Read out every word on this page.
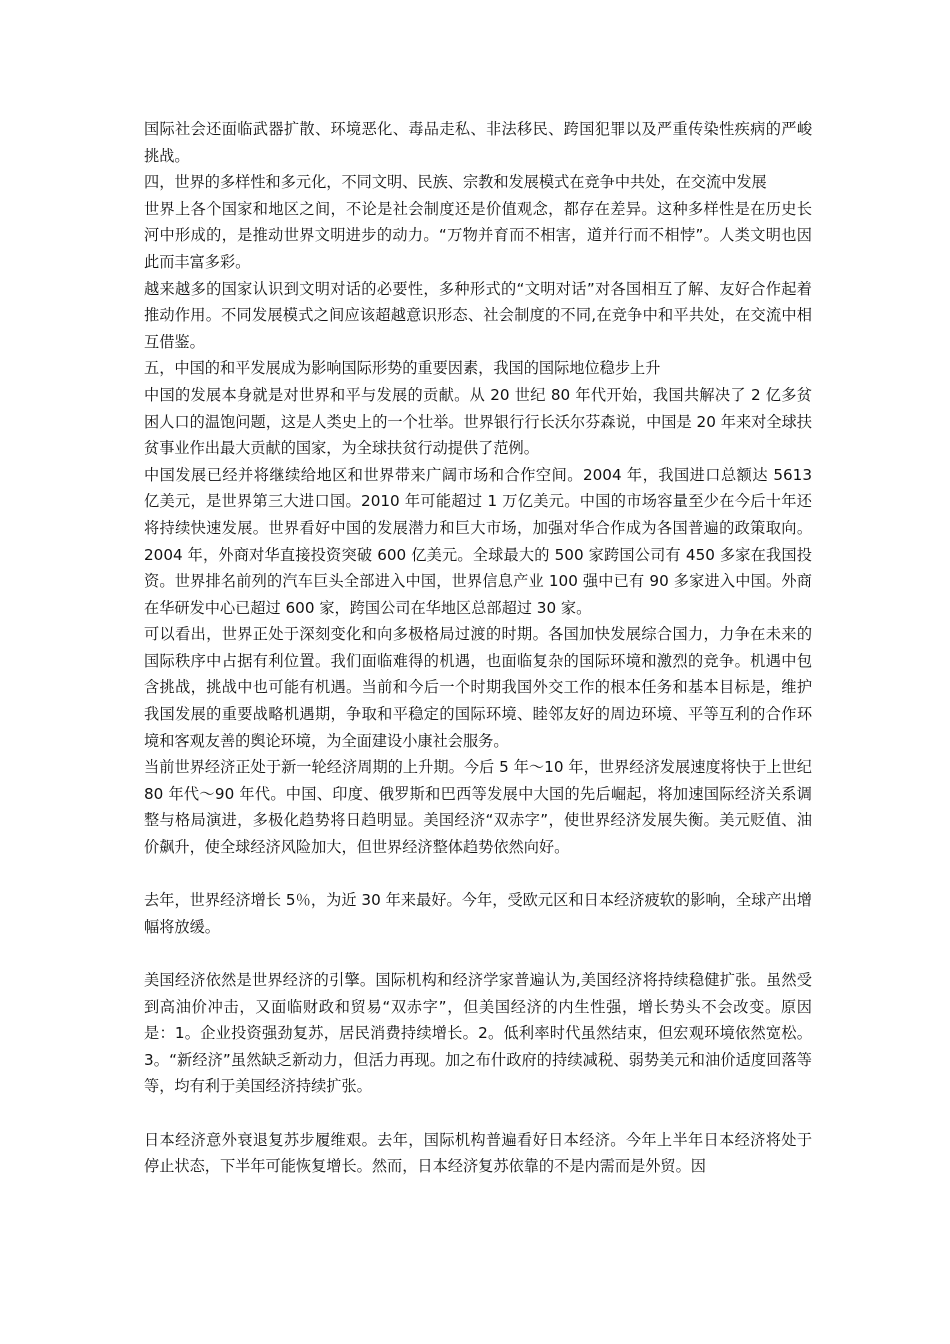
国际社会还面临武器扩散、环境恶化、毒品走私、非法移民、跨国犯罪以及严重传染性疾病的严峻挑战。

四，世界的多样性和多元化，不同文明、民族、宗教和发展模式在竞争中共处，在交流中发展

世界上各个国家和地区之间，不论是社会制度还是价值观念，都存在差异。这种多样性是在历史长河中形成的，是推动世界文明进步的动力。“万物并育而不相害，道并行而不相悖”。人类文明也因此而丰富多彩。

越来越多的国家认识到文明对话的必要性，多种形式的“文明对话”对各国相互了解、友好合作起着推动作用。不同发展模式之间应该超越意识形态、社会制度的不同,在竞争中和平共处，在交流中相互借鉴。

五，中国的和平发展成为影响国际形势的重要因素，我国的国际地位稳步上升

中国的发展本身就是对世界和平与发展的贡献。从 20 世纪 80 年代开始，我国共解决了 2 亿多贫困人口的温饱问题，这是人类史上的一个壮举。世界银行行长沃尔芬森说，中国是 20 年来对全球扶贫事业作出最大贡献的国家，为全球扶贫行动提供了范例。

中国发展已经并将继续给地区和世界带来广阔市场和合作空间。2004 年，我国进口总额达 5613 亿美元，是世界第三大进口国。2010 年可能超过 1 万亿美元。中国的市场容量至少在今后十年还将持续快速发展。世界看好中国的发展潜力和巨大市场，加强对华合作成为各国普遍的政策取向。2004 年，外商对华直接投资突破 600 亿美元。全球最大的 500 家跨国公司有 450 多家在我国投资。世界排名前列的汽车巨头全部进入中国，世界信息产业 100 强中已有 90 多家进入中国。外商在华研发中心已超过 600 家，跨国公司在华地区总部超过 30 家。

可以看出，世界正处于深刻变化和向多极格局过渡的时期。各国加快发展综合国力，力争在未来的国际秩序中占据有利位置。我们面临难得的机遇，也面临复杂的国际环境和激烈的竞争。机遇中包含挑战，挑战中也可能有机遇。当前和今后一个时期我国外交工作的根本任务和基本目标是，维护我国发展的重要战略机遇期，争取和平稳定的国际环境、睦邻友好的周边环境、平等互利的合作环境和客观友善的舆论环境，为全面建设小康社会服务。

当前世界经济正处于新一轮经济周期的上升期。今后 5 年～10 年，世界经济发展速度将快于上世纪 80 年代～90 年代。中国、印度、俄罗斯和巴西等发展中大国的先后崛起，将加速国际经济关系调整与格局演进，多极化趋势将日趋明显。美国经济“双赤字”，使世界经济发展失衡。美元贬值、油价飙升，使全球经济风险加大，但世界经济整体趋势依然向好。

去年，世界经济增长 5％，为近 30 年来最好。今年，受欧元区和日本经济疲软的影响，全球产出增幅将放缓。

美国经济依然是世界经济的引擎。国际机构和经济学家普遍认为,美国经济将持续稳健扩张。虽然受到高油价冲击，又面临财政和贸易“双赤字”，但美国经济的内生性强，增长势头不会改变。原因是：1。企业投资强劲复苏，居民消费持续增长。2。低利率时代虽然结束，但宏观环境依然宽松。3。“新经济”虽然缺乏新动力，但活力再现。加之布什政府的持续减税、弱势美元和油价适度回落等等，均有利于美国经济持续扩张。

日本经济意外衰退复苏步履维艰。去年，国际机构普遍看好日本经济。今年上半年日本经济将处于停止状态，下半年可能恢复增长。然而，日本经济复苏依靠的不是内需而是外贸。因
